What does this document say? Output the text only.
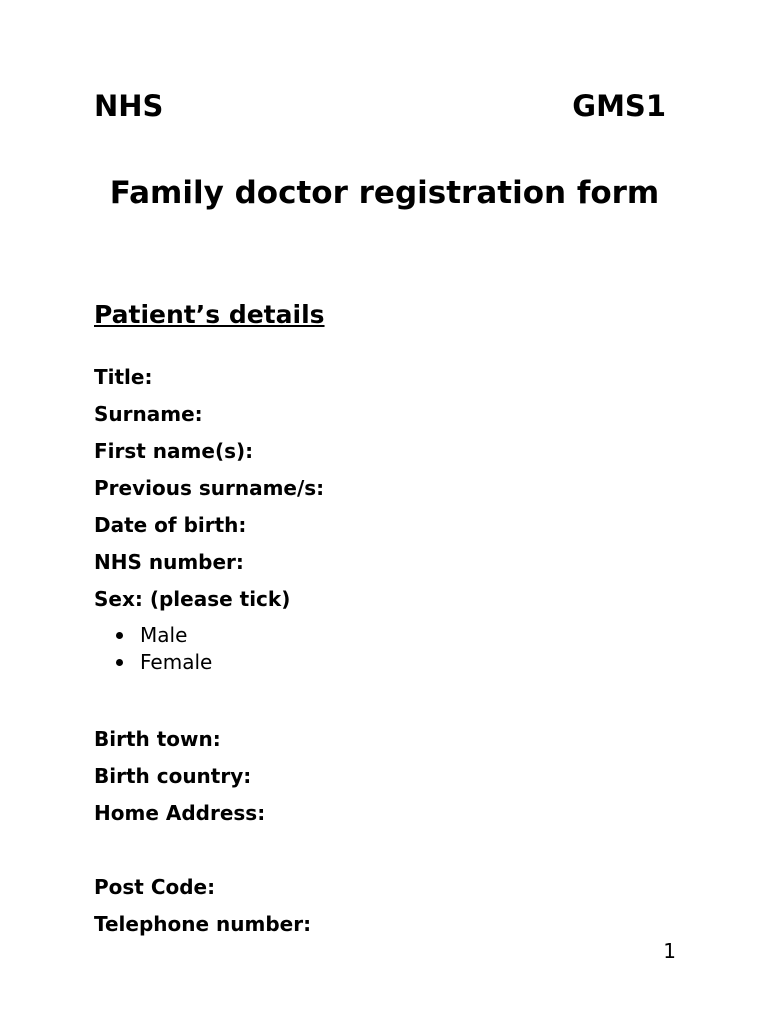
NHS	GMS1
Family doctor registration form
Patient’s details
Title:
Surname:
First name(s):
Previous surname/s:
Date of birth:
NHS number:
Sex: (please tick)
Male
Female
Birth town:
Birth country:
Home Address:
Post Code:
Telephone number:
1
